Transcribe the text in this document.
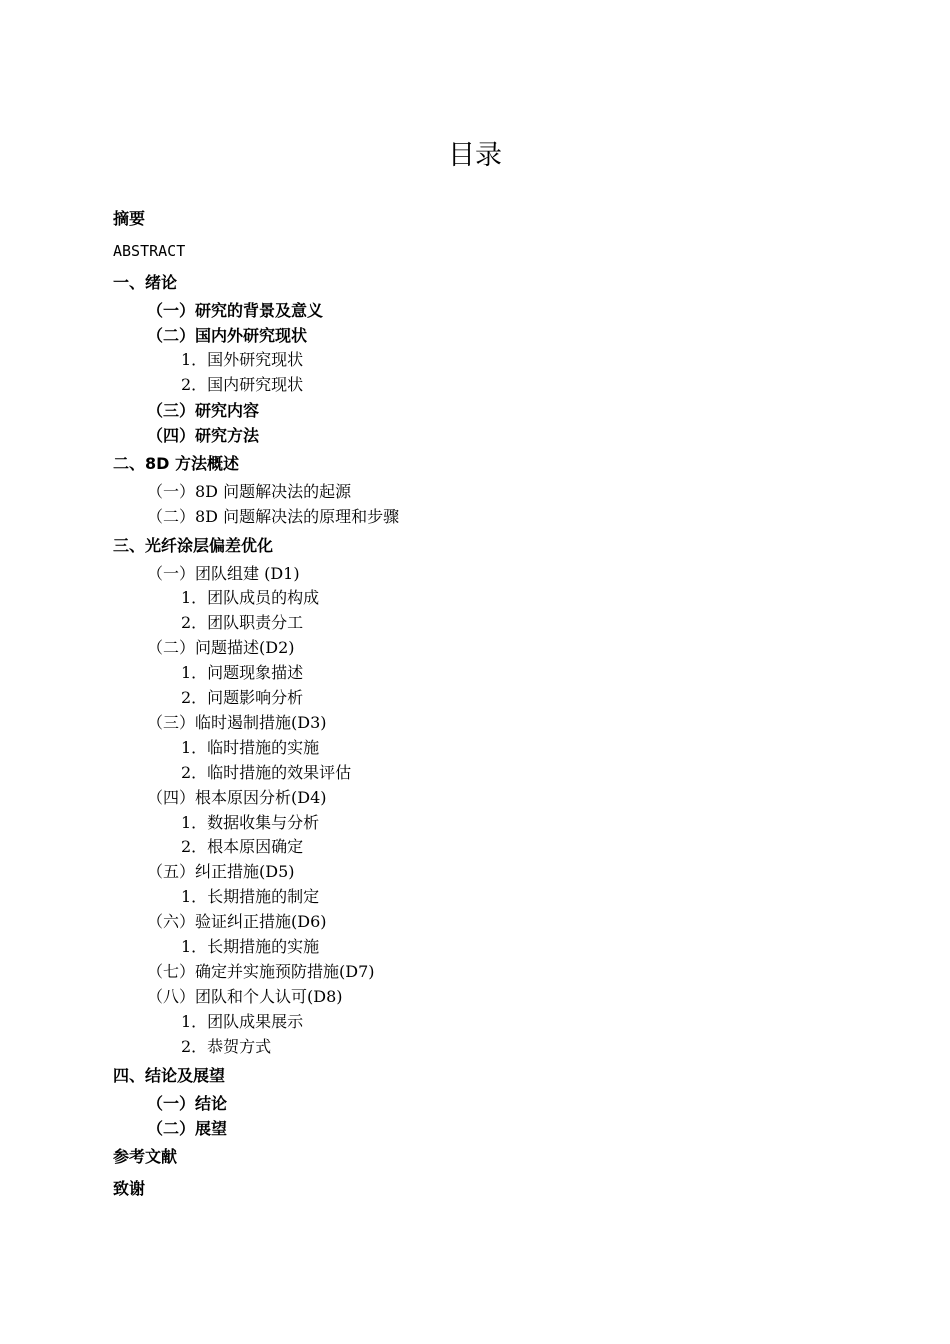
目录
摘要
ABSTRACT
一、绪论
（一）研究的背景及意义
（二）国内外研究现状
1．国外研究现状
2．国内研究现状
（三）研究内容
（四）研究方法
二、8D 方法概述
（一）8D 问题解决法的起源
（二）8D 问题解决法的原理和步骤
三、光纤涂层偏差优化
（一）团队组建 (D1)
1．团队成员的构成
2．团队职责分工
（二）问题描述(D2)
1．问题现象描述
2．问题影响分析
（三）临时遏制措施(D3)
1．临时措施的实施
2．临时措施的效果评估
（四）根本原因分析(D4)
1．数据收集与分析
2．根本原因确定
（五）纠正措施(D5)
1．长期措施的制定
（六）验证纠正措施(D6)
1．长期措施的实施
（七）确定并实施预防措施(D7)
（八）团队和个人认可(D8)
1．团队成果展示
2．恭贺方式
四、结论及展望
（一）结论
（二）展望
参考文献
致谢
